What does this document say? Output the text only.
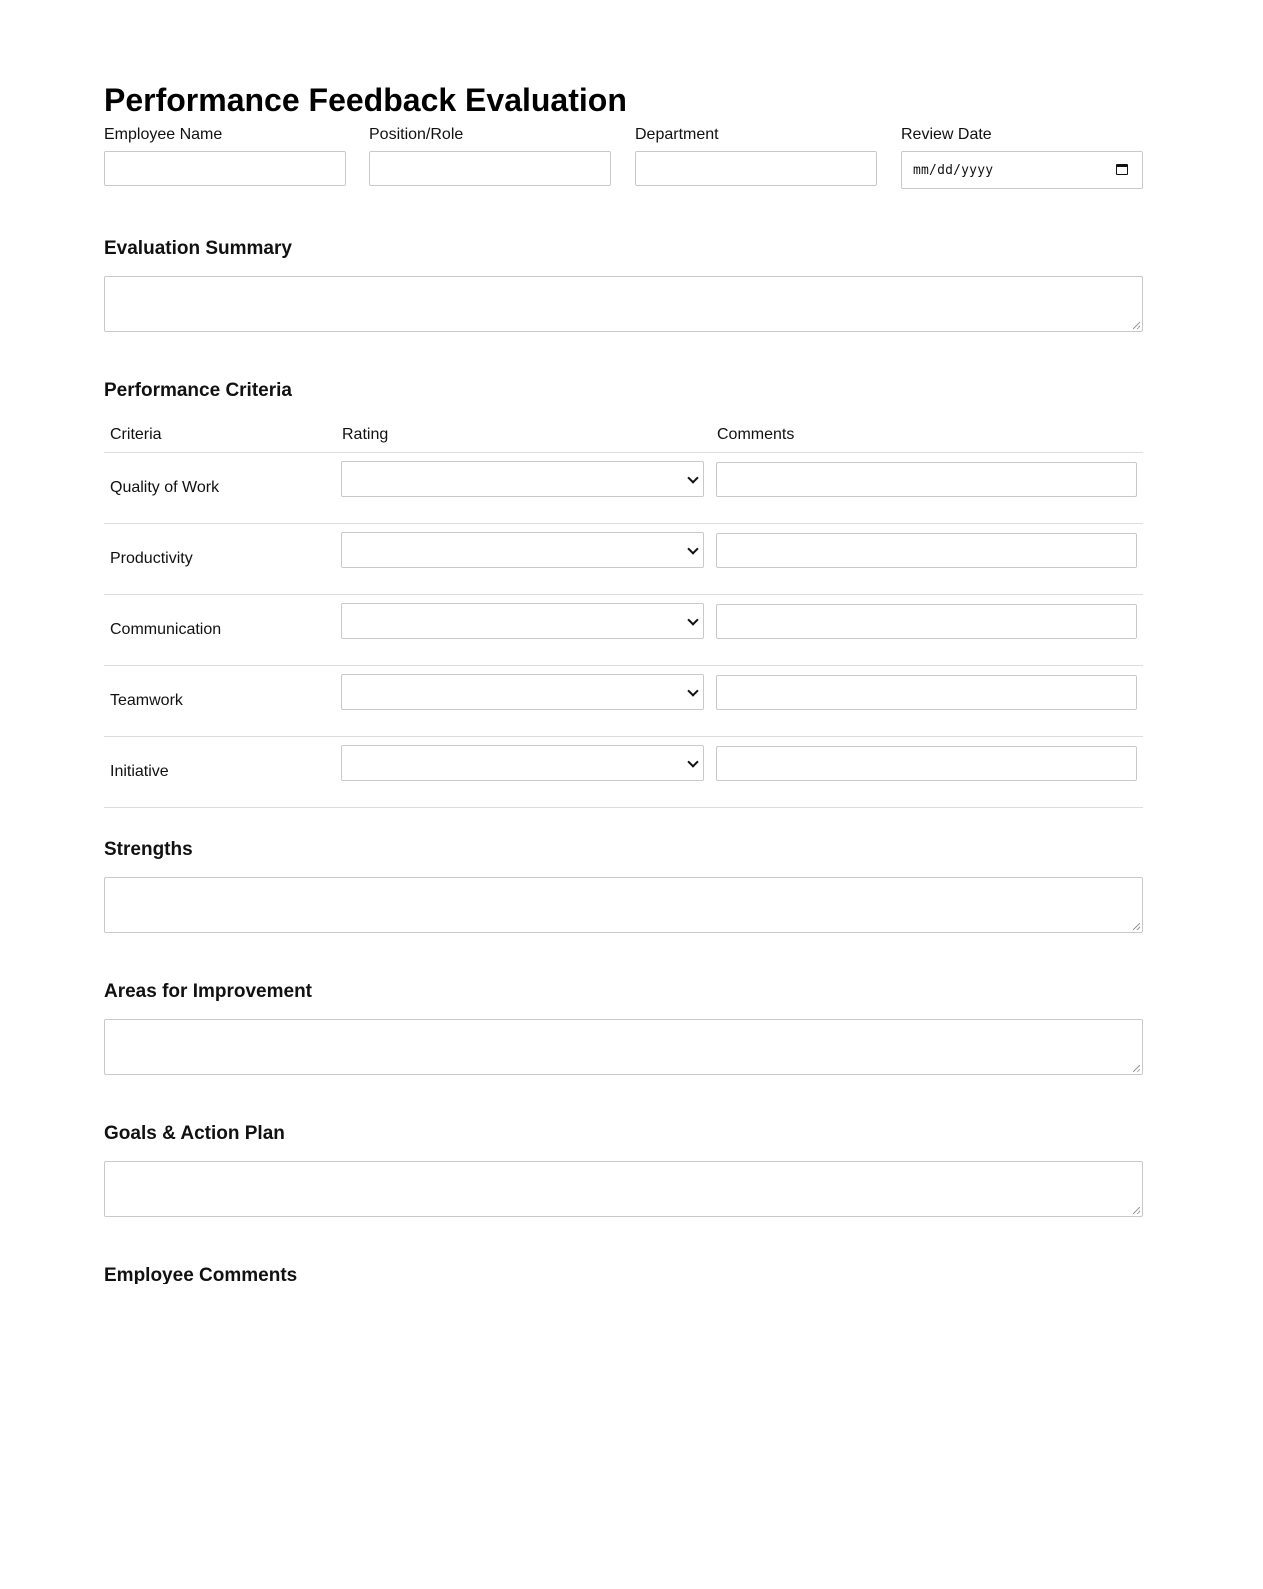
Performance Feedback Evaluation
Employee Name	Position/Role	Department	Review Date
mm/dd/yyyy
Evaluation Summary
Performance Criteria
Criteria	Rating	Comments
Quality of Work
Productivity
Communication
Teamwork
Initiative
Strengths
Areas for Improvement
Goals & Action Plan
Employee Comments
